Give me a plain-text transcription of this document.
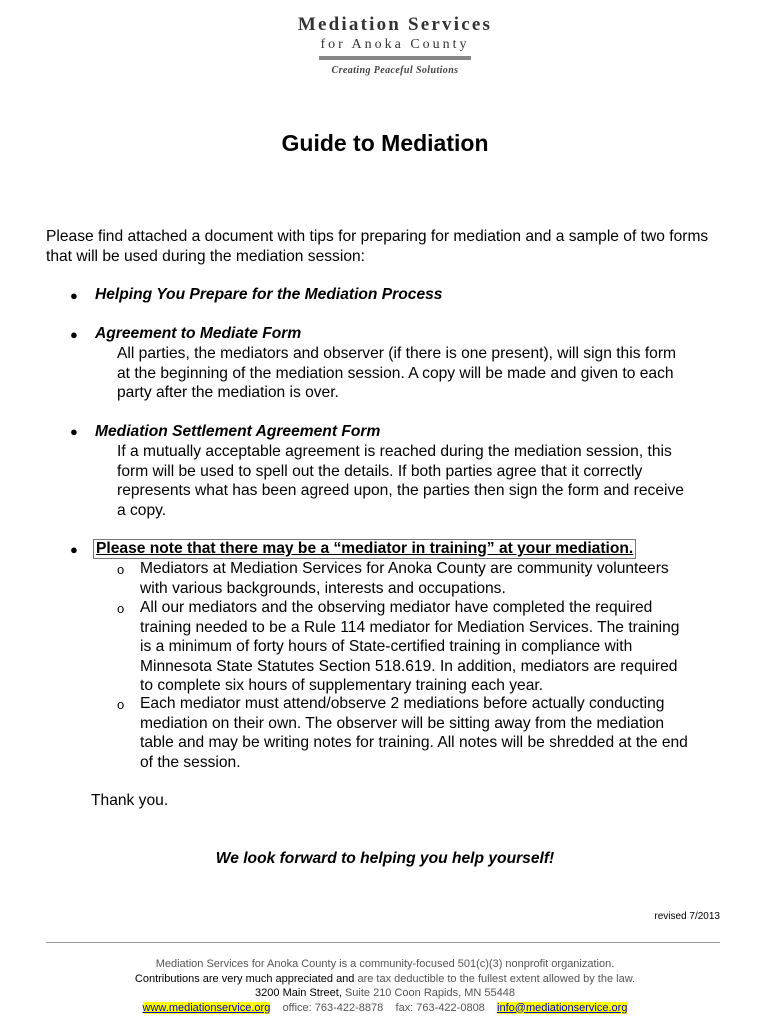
Mediation Services
for Anoka County
Creating Peaceful Solutions
Guide to Mediation
Please find attached a document with tips for preparing for mediation and a sample of two forms that will be used during the mediation session:
● Helping You Prepare for the Mediation Process
● Agreement to Mediate Form
All parties, the mediators and observer (if there is one present), will sign this form
at the beginning of the mediation session. A copy will be made and given to each
party after the mediation is over.
● Mediation Settlement Agreement Form
If a mutually acceptable agreement is reached during the mediation session, this
form will be used to spell out the details. If both parties agree that it correctly
represents what has been agreed upon, the parties then sign the form and receive
a copy.
● Please note that there may be a “mediator in training” at your mediation.
o Mediators at Mediation Services for Anoka County are community volunteers
with various backgrounds, interests and occupations.
o All our mediators and the observing mediator have completed the required
training needed to be a Rule 114 mediator for Mediation Services. The training
is a minimum of forty hours of State-certified training in compliance with
Minnesota State Statutes Section 518.619. In addition, mediators are required
to complete six hours of supplementary training each year.
o Each mediator must attend/observe 2 mediations before actually conducting
mediation on their own. The observer will be sitting away from the mediation
table and may be writing notes for training. All notes will be shredded at the end
of the session.
Thank you.
We look forward to helping you help yourself!
revised 7/2013
Mediation Services for Anoka County is a community-focused 501(c)(3) nonprofit organization.
Contributions are very much appreciated and are tax deductible to the fullest extent allowed by the law.
3200 Main Street, Suite 210 Coon Rapids, MN 55448
www.mediationservice.org office: 763-422-8878 fax: 763-422-0808 info@mediationservice.org
